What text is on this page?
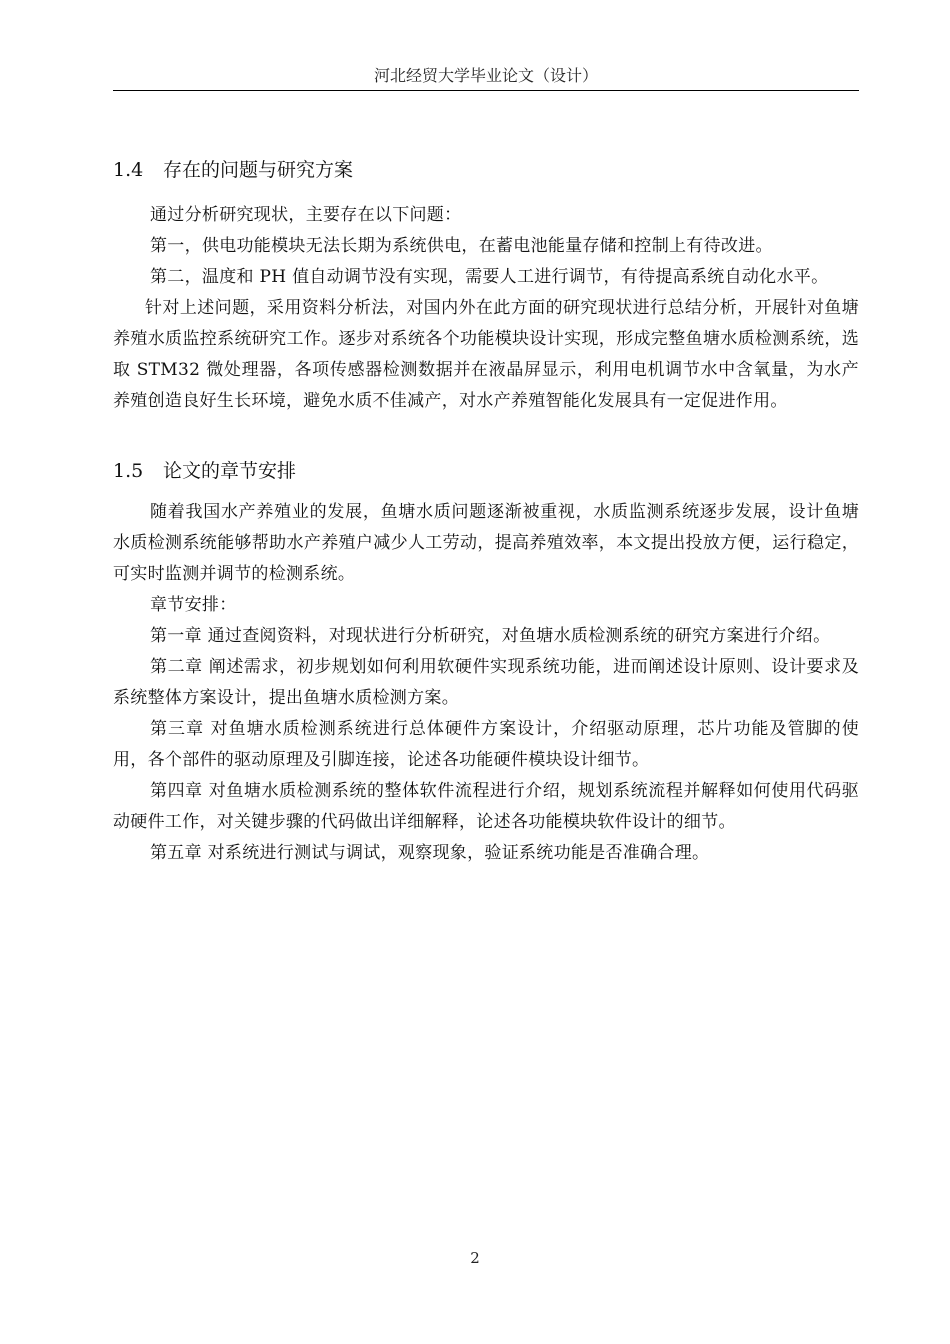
河北经贸大学毕业论文（设计）
1.4 存在的问题与研究方案

通过分析研究现状，主要存在以下问题：

第一，供电功能模块无法长期为系统供电，在蓄电池能量存储和控制上有待改进。

第二，温度和 PH 值自动调节没有实现，需要人工进行调节，有待提高系统自动化水平。

针对上述问题，采用资料分析法，对国内外在此方面的研究现状进行总结分析，开展针对鱼塘养殖水质监控系统研究工作。逐步对系统各个功能模块设计实现，形成完整鱼塘水质检测系统，选取 STM32 微处理器，各项传感器检测数据并在液晶屏显示，利用电机调节水中含氧量，为水产养殖创造良好生长环境，避免水质不佳减产，对水产养殖智能化发展具有一定促进作用。

1.5 论文的章节安排

随着我国水产养殖业的发展，鱼塘水质问题逐渐被重视，水质监测系统逐步发展，设计鱼塘水质检测系统能够帮助水产养殖户减少人工劳动，提高养殖效率，本文提出投放方便，运行稳定，可实时监测并调节的检测系统。

章节安排：

第一章 通过查阅资料，对现状进行分析研究，对鱼塘水质检测系统的研究方案进行介绍。

第二章 阐述需求，初步规划如何利用软硬件实现系统功能，进而阐述设计原则、设计要求及系统整体方案设计，提出鱼塘水质检测方案。

第三章 对鱼塘水质检测系统进行总体硬件方案设计，介绍驱动原理，芯片功能及管脚的使用，各个部件的驱动原理及引脚连接，论述各功能硬件模块设计细节。

第四章 对鱼塘水质检测系统的整体软件流程进行介绍，规划系统流程并解释如何使用代码驱动硬件工作，对关键步骤的代码做出详细解释，论述各功能模块软件设计的细节。

第五章 对系统进行测试与调试，观察现象，验证系统功能是否准确合理。

2
